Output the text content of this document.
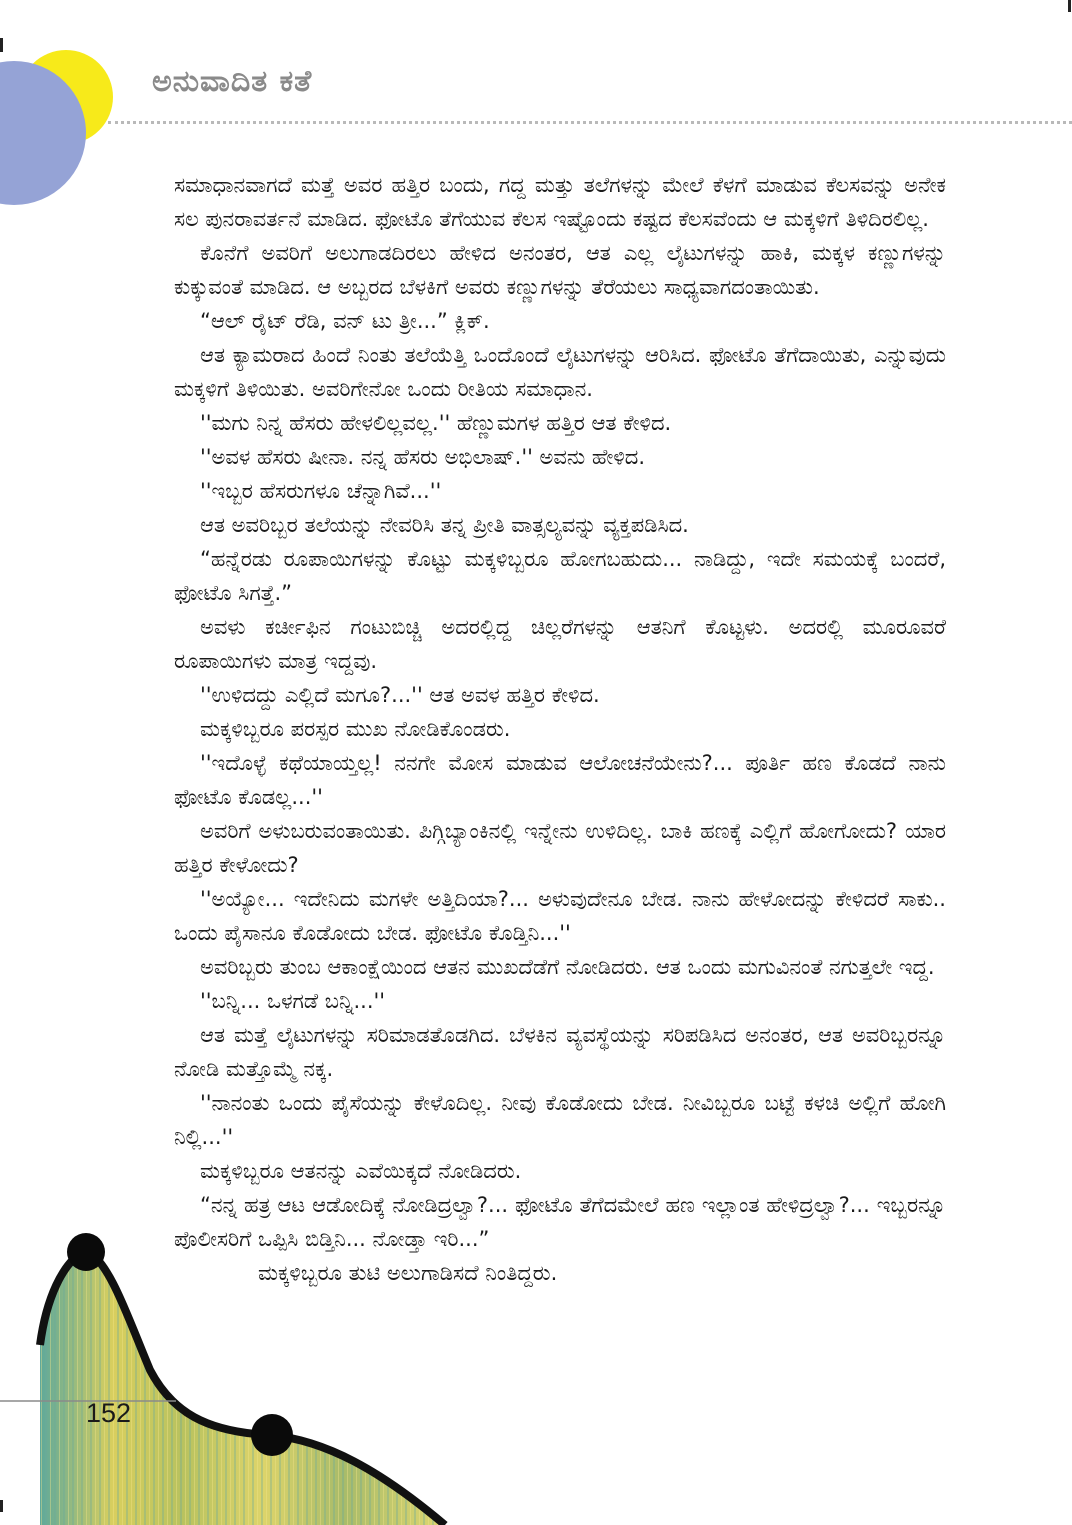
ಅನುವಾದಿತ ಕತೆ

ಸಮಾಧಾನವಾಗದೆ ಮತ್ತೆ ಅವರ ಹತ್ತಿರ ಬಂದು, ಗದ್ದ ಮತ್ತು ತಲೆಗಳನ್ನು ಮೇಲೆ ಕೆಳಗೆ ಮಾಡುವ ಕೆಲಸವನ್ನು ಅನೇಕ ಸಲ ಪುನರಾವರ್ತನೆ ಮಾಡಿದ. ಫೋಟೊ ತೆಗೆಯುವ ಕೆಲಸ ಇಷ್ಟೊಂದು ಕಷ್ಟದ ಕೆಲಸವೆಂದು ಆ ಮಕ್ಕಳಿಗೆ ತಿಳಿದಿರಲಿಲ್ಲ.

ಕೊನೆಗೆ ಅವರಿಗೆ ಅಲುಗಾಡದಿರಲು ಹೇಳಿದ ಅನಂತರ, ಆತ ಎಲ್ಲ ಲೈಟುಗಳನ್ನು ಹಾಕಿ, ಮಕ್ಕಳ ಕಣ್ಣುಗಳನ್ನು ಕುಕ್ಕುವಂತೆ ಮಾಡಿದ. ಆ ಅಬ್ಬರದ ಬೆಳಕಿಗೆ ಅವರು ಕಣ್ಣುಗಳನ್ನು ತೆರೆಯಲು ಸಾಧ್ಯವಾಗದಂತಾಯಿತು.

“ಆಲ್ ರೈಟ್ ರೆಡಿ, ವನ್ ಟು ತ್ರೀ...” ಕ್ಲಿಕ್.

ಆತ ಕ್ಯಾಮರಾದ ಹಿಂದೆ ನಿಂತು ತಲೆಯೆತ್ತಿ ಒಂದೊಂದೆ ಲೈಟುಗಳನ್ನು ಆರಿಸಿದ. ಫೋಟೊ ತೆಗೆದಾಯಿತು, ಎನ್ನುವುದು ಮಕ್ಕಳಿಗೆ ತಿಳಿಯಿತು. ಅವರಿಗೇನೋ ಒಂದು ರೀತಿಯ ಸಮಾಧಾನ.

''ಮಗು ನಿನ್ನ ಹೆಸರು ಹೇಳಲಿಲ್ಲವಲ್ಲ.'' ಹೆಣ್ಣುಮಗಳ ಹತ್ತಿರ ಆತ ಕೇಳಿದ.

''ಅವಳ ಹೆಸರು ಷೀನಾ. ನನ್ನ ಹೆಸರು ಅಭಿಲಾಷ್.'' ಅವನು ಹೇಳಿದ.

''ಇಬ್ಬರ ಹೆಸರುಗಳೂ ಚೆನ್ನಾಗಿವೆ...''

ಆತ ಅವರಿಬ್ಬರ ತಲೆಯನ್ನು ನೇವರಿಸಿ ತನ್ನ ಪ್ರೀತಿ ವಾತ್ಸಲ್ಯವನ್ನು ವ್ಯಕ್ತಪಡಿಸಿದ.

“ಹನ್ನೆರಡು ರೂಪಾಯಿಗಳನ್ನು ಕೊಟ್ಟು ಮಕ್ಕಳಿಬ್ಬರೂ ಹೋಗಬಹುದು... ನಾಡಿದ್ದು, ಇದೇ ಸಮಯಕ್ಕೆ ಬಂದರೆ, ಫೋಟೊ ಸಿಗತ್ತೆ.”

ಅವಳು ಕರ್ಚೀಫಿನ ಗಂಟುಬಿಚ್ಚಿ ಅದರಲ್ಲಿದ್ದ ಚಿಲ್ಲರೆಗಳನ್ನು ಆತನಿಗೆ ಕೊಟ್ಟಳು. ಅದರಲ್ಲಿ ಮೂರೂವರೆ ರೂಪಾಯಿಗಳು ಮಾತ್ರ ಇದ್ದವು.

''ಉಳಿದದ್ದು ಎಲ್ಲಿದೆ ಮಗೂ?...'' ಆತ ಅವಳ ಹತ್ತಿರ ಕೇಳಿದ.

ಮಕ್ಕಳಿಬ್ಬರೂ ಪರಸ್ಪರ ಮುಖ ನೋಡಿಕೊಂಡರು.

''ಇದೊಳ್ಳೆ ಕಥೆಯಾಯ್ತಲ್ಲ! ನನಗೇ ಮೋಸ ಮಾಡುವ ಆಲೋಚನೆಯೇನು?... ಪೂರ್ತಿ ಹಣ ಕೊಡದೆ ನಾನು ಫೋಟೊ ಕೊಡಲ್ಲ...''

ಅವರಿಗೆ ಅಳುಬರುವಂತಾಯಿತು. ಪಿಗ್ಗಿಬ್ಯಾಂಕಿನಲ್ಲಿ ಇನ್ನೇನು ಉಳಿದಿಲ್ಲ. ಬಾಕಿ ಹಣಕ್ಕೆ ಎಲ್ಲಿಗೆ ಹೋಗೋದು? ಯಾರ ಹತ್ತಿರ ಕೇಳೋದು?

''ಅಯ್ಯೋ... ಇದೇನಿದು ಮಗಳೇ ಅತ್ತಿದಿಯಾ?... ಅಳುವುದೇನೂ ಬೇಡ. ನಾನು ಹೇಳೋದನ್ನು ಕೇಳಿದರೆ ಸಾಕು.. ಒಂದು ಪೈಸಾನೂ ಕೊಡೋದು ಬೇಡ. ಫೋಟೊ ಕೊಡ್ತಿನಿ...''

ಅವರಿಬ್ಬರು ತುಂಬ ಆಕಾಂಕ್ಷೆಯಿಂದ ಆತನ ಮುಖದೆಡೆಗೆ ನೋಡಿದರು. ಆತ ಒಂದು ಮಗುವಿನಂತೆ ನಗುತ್ತಲೇ ಇದ್ದ.

''ಬನ್ನಿ... ಒಳಗಡೆ ಬನ್ನಿ...''

ಆತ ಮತ್ತೆ ಲೈಟುಗಳನ್ನು ಸರಿಮಾಡತೊಡಗಿದ. ಬೆಳಕಿನ ವ್ಯವಸ್ಥೆಯನ್ನು ಸರಿಪಡಿಸಿದ ಅನಂತರ, ಆತ ಅವರಿಬ್ಬರನ್ನೂ ನೋಡಿ ಮತ್ತೊಮ್ಮೆ ನಕ್ಕ.

''ನಾನಂತು ಒಂದು ಪೈಸೆಯನ್ನು ಕೇಳೊದಿಲ್ಲ. ನೀವು ಕೊಡೋದು ಬೇಡ. ನೀವಿಬ್ಬರೂ ಬಟ್ಟೆ ಕಳಚಿ ಅಲ್ಲಿಗೆ ಹೋಗಿ ನಿಲ್ಲಿ...''

ಮಕ್ಕಳಿಬ್ಬರೂ ಆತನನ್ನು ಎವೆಯಿಕ್ಕದೆ ನೋಡಿದರು.

“ನನ್ನ ಹತ್ರ ಆಟ ಆಡೋದಿಕ್ಕೆ ನೋಡಿದ್ರಲ್ವಾ?... ಫೋಟೊ ತೆಗೆದಮೇಲೆ ಹಣ ಇಲ್ಲಾಂತ ಹೇಳಿದ್ರಲ್ವಾ?... ಇಬ್ಬರನ್ನೂ ಪೊಲೀಸರಿಗೆ ಒಪ್ಪಿಸಿ ಬಿಡ್ತಿನಿ... ನೋಡ್ತಾ ಇರಿ...”

ಮಕ್ಕಳಿಬ್ಬರೂ ತುಟಿ ಅಲುಗಾಡಿಸದೆ ನಿಂತಿದ್ದರು.

152
